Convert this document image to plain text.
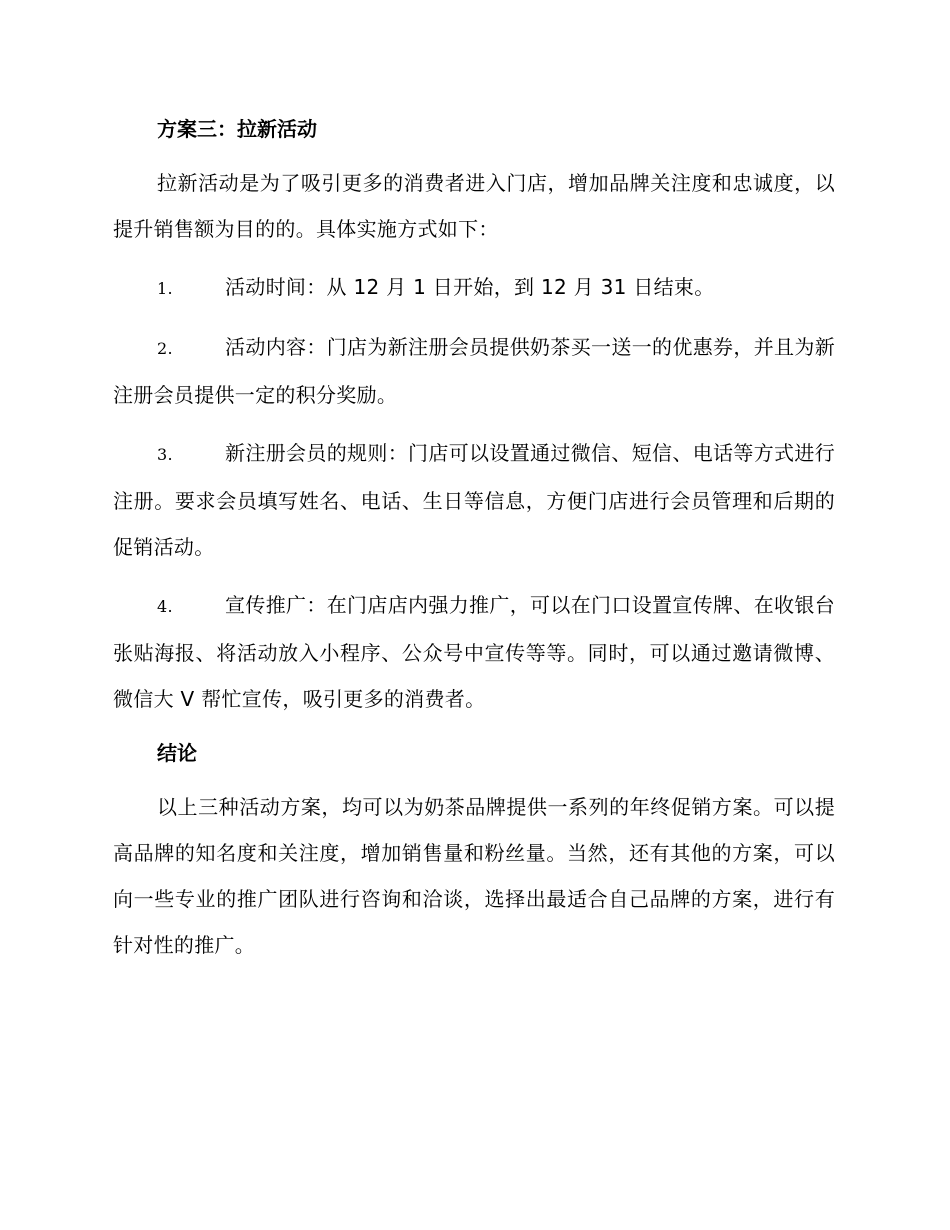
方案三：拉新活动

拉新活动是为了吸引更多的消费者进入门店，增加品牌关注度和忠诚度，以提升销售额为目的的。具体实施方式如下：

1.	活动时间：从 12 月 1 日开始，到 12 月 31 日结束。
2.	活动内容：门店为新注册会员提供奶茶买一送一的优惠券，并且为新注册会员提供一定的积分奖励。
3.	新注册会员的规则：门店可以设置通过微信、短信、电话等方式进行注册。要求会员填写姓名、电话、生日等信息，方便门店进行会员管理和后期的促销活动。
4.	宣传推广：在门店店内强力推广，可以在门口设置宣传牌、在收银台张贴海报、将活动放入小程序、公众号中宣传等等。同时，可以通过邀请微博、微信大 V 帮忙宣传，吸引更多的消费者。
结论

以上三种活动方案，均可以为奶茶品牌提供一系列的年终促销方案。可以提高品牌的知名度和关注度，增加销售量和粉丝量。当然，还有其他的方案，可以向一些专业的推广团队进行咨询和洽谈，选择出最适合自己品牌的方案，进行有针对性的推广。
